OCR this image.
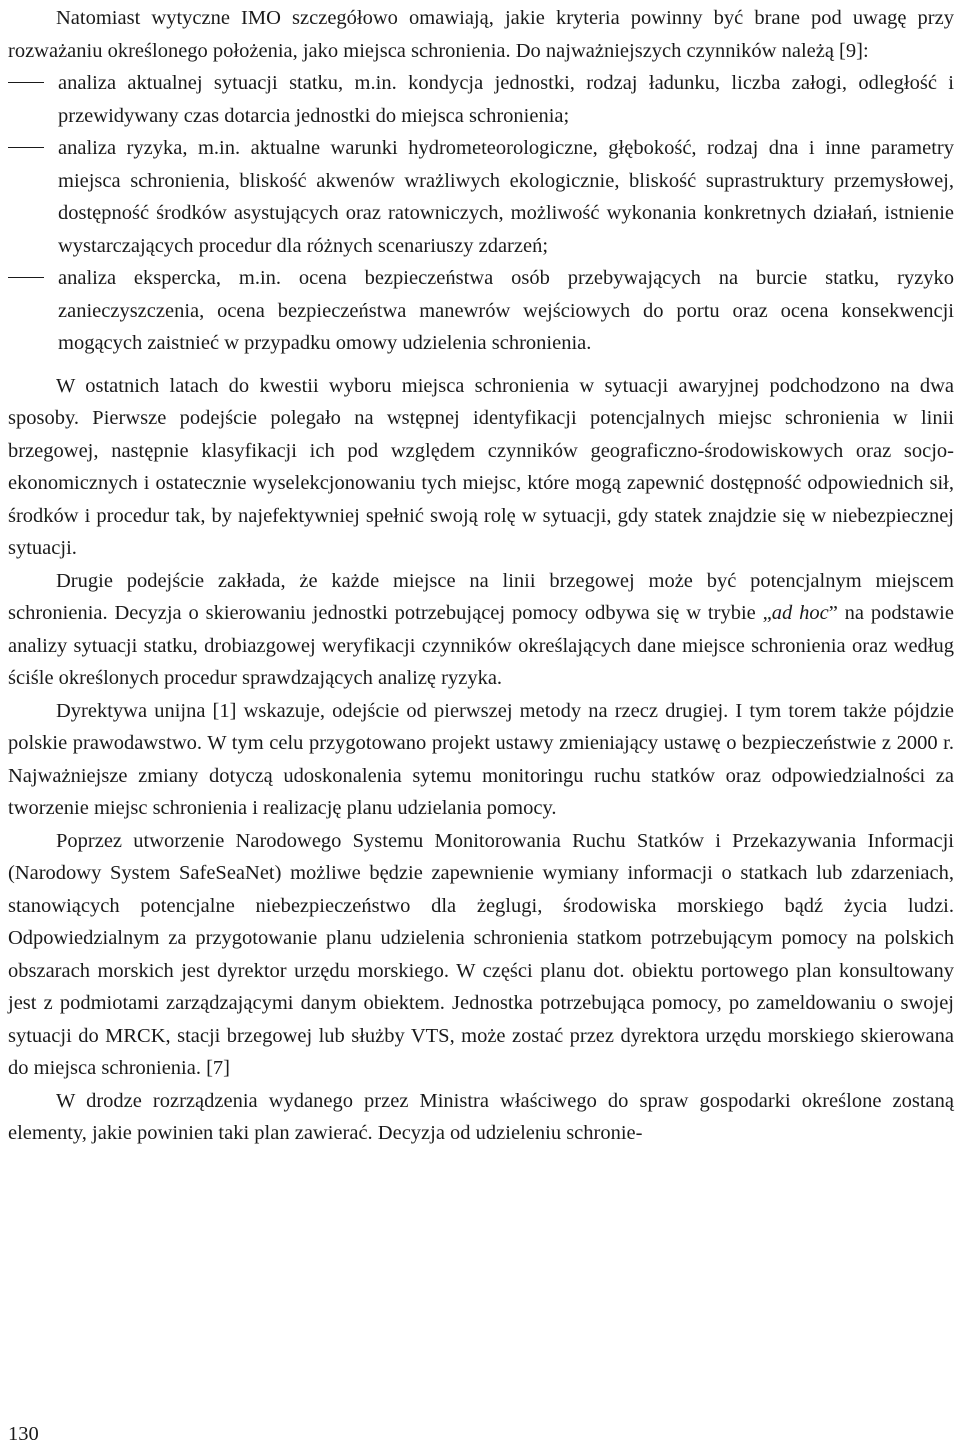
Natomiast wytyczne IMO szczegółowo omawiają, jakie kryteria powinny być brane pod uwagę przy rozważaniu określonego położenia, jako miejsca schronienia. Do najważniejszych czynników należą [9]:

analiza aktualnej sytuacji statku, m.in. kondycja jednostki, rodzaj ładunku, liczba załogi, odległość i przewidywany czas dotarcia jednostki do miejsca schronienia;
analiza ryzyka, m.in. aktualne warunki hydrometeorologiczne, głębokość, rodzaj dna i inne parametry miejsca schronienia, bliskość akwenów wrażliwych ekologicznie, bliskość suprastruktury przemysłowej, dostępność środków asystujących oraz ratowniczych, możliwość wykonania konkretnych działań, istnienie wystarczających procedur dla różnych scenariuszy zdarzeń;
analiza ekspercka, m.in. ocena bezpieczeństwa osób przebywających na burcie statku, ryzyko zanieczyszczenia, ocena bezpieczeństwa manewrów wejściowych do portu oraz ocena konsekwencji mogących zaistnieć w przypadku omowy udzielenia schronienia.

W ostatnich latach do kwestii wyboru miejsca schronienia w sytuacji awaryjnej podchodzono na dwa sposoby. Pierwsze podejście polegało na wstępnej identyfikacji potencjalnych miejsc schronienia w linii brzegowej, następnie klasyfikacji ich pod względem czynników geograficzno-środowiskowych oraz socjo-ekonomicznych i ostatecznie wyselekcjonowaniu tych miejsc, które mogą zapewnić dostępność odpowiednich sił, środków i procedur tak, by najefektywniej spełnić swoją rolę w sytuacji, gdy statek znajdzie się w niebezpiecznej sytuacji.

Drugie podejście zakłada, że każde miejsce na linii brzegowej może być potencjalnym miejscem schronienia. Decyzja o skierowaniu jednostki potrzebującej pomocy odbywa się w trybie „ad hoc” na podstawie analizy sytuacji statku, drobiazgowej weryfikacji czynników określających dane miejsce schronienia oraz według ściśle określonych procedur sprawdzających analizę ryzyka.

Dyrektywa unijna [1] wskazuje, odejście od pierwszej metody na rzecz drugiej. I tym torem także pójdzie polskie prawodawstwo. W tym celu przygotowano projekt ustawy zmieniający ustawę o bezpieczeństwie z 2000 r. Najważniejsze zmiany dotyczą udoskonalenia sytemu monitoringu ruchu statków oraz odpowiedzialności za tworzenie miejsc schronienia i realizację planu udzielania pomocy.

Poprzez utworzenie Narodowego Systemu Monitorowania Ruchu Statków i Przekazywania Informacji (Narodowy System SafeSeaNet) możliwe będzie zapewnienie wymiany informacji o statkach lub zdarzeniach, stanowiących potencjalne niebezpieczeństwo dla żeglugi, środowiska morskiego bądź życia ludzi. Odpowiedzialnym za przygotowanie planu udzielenia schronienia statkom potrzebującym pomocy na polskich obszarach morskich jest dyrektor urzędu morskiego. W części planu dot. obiektu portowego plan konsultowany jest z podmiotami zarządzającymi danym obiektem. Jednostka potrzebująca pomocy, po zameldowaniu o swojej sytuacji do MRCK, stacji brzegowej lub służby VTS, może zostać przez dyrektora urzędu morskiego skierowana do miejsca schronienia. [7]

W drodze rozrządzenia wydanego przez Ministra właściwego do spraw gospodarki określone zostaną elementy, jakie powinien taki plan zawierać. Decyzja od udzieleniu schronie-

130
